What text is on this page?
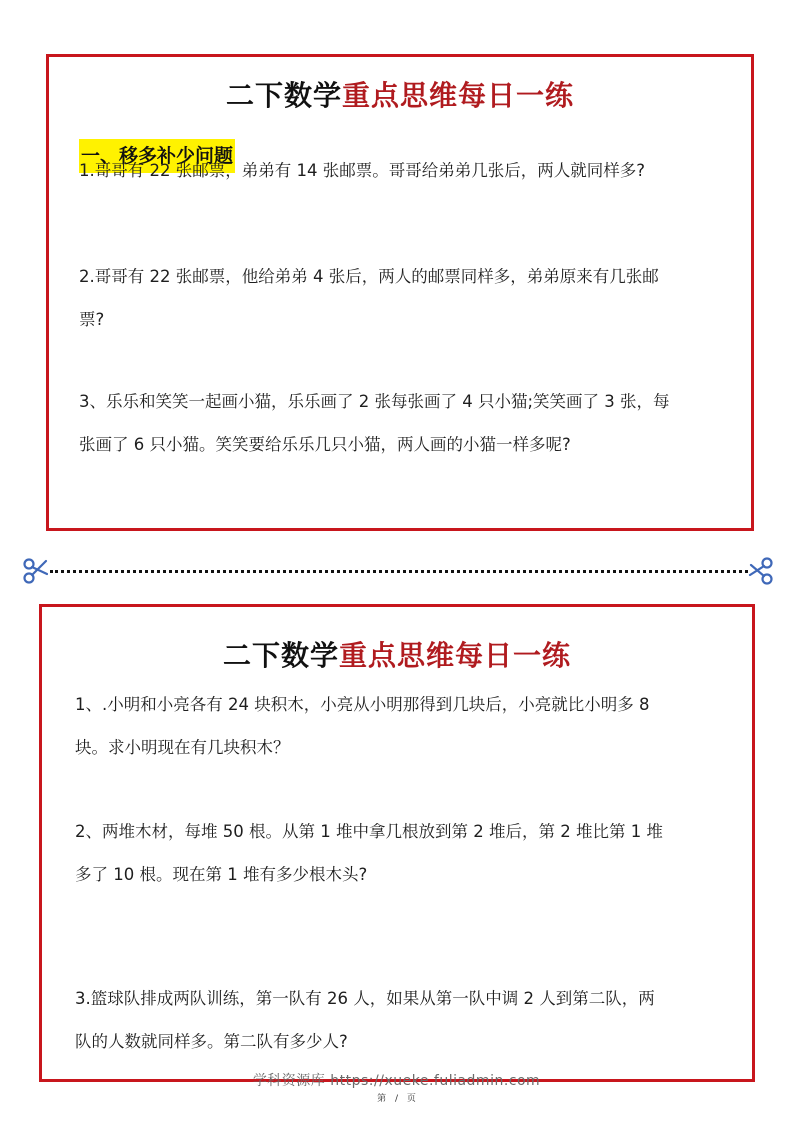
二下数学重点思维每日一练
一、移多补少问题
1.哥哥有 22 张邮票，弟弟有 14 张邮票。哥哥给弟弟几张后，两人就同样多?
2.哥哥有 22 张邮票，他给弟弟 4 张后，两人的邮票同样多，弟弟原来有几张邮
票?
3、乐乐和笑笑一起画小猫，乐乐画了 2 张每张画了 4 只小猫;笑笑画了 3 张，每
张画了 6 只小猫。笑笑要给乐乐几只小猫，两人画的小猫一样多呢?
二下数学重点思维每日一练
1、.小明和小亮各有 24 块积木，小亮从小明那得到几块后，小亮就比小明多 8
块。求小明现在有几块积木？
2、两堆木材，每堆 50 根。从第 1 堆中拿几根放到第 2 堆后，第 2 堆比第 1 堆
多了 10 根。现在第 1 堆有多少根木头?
3.篮球队排成两队训练，第一队有 26 人，如果从第一队中调 2 人到第二队，两
队的人数就同样多。第二队有多少人?
学科资源库 https://xueke.fuliadmin.com
第 / 页
